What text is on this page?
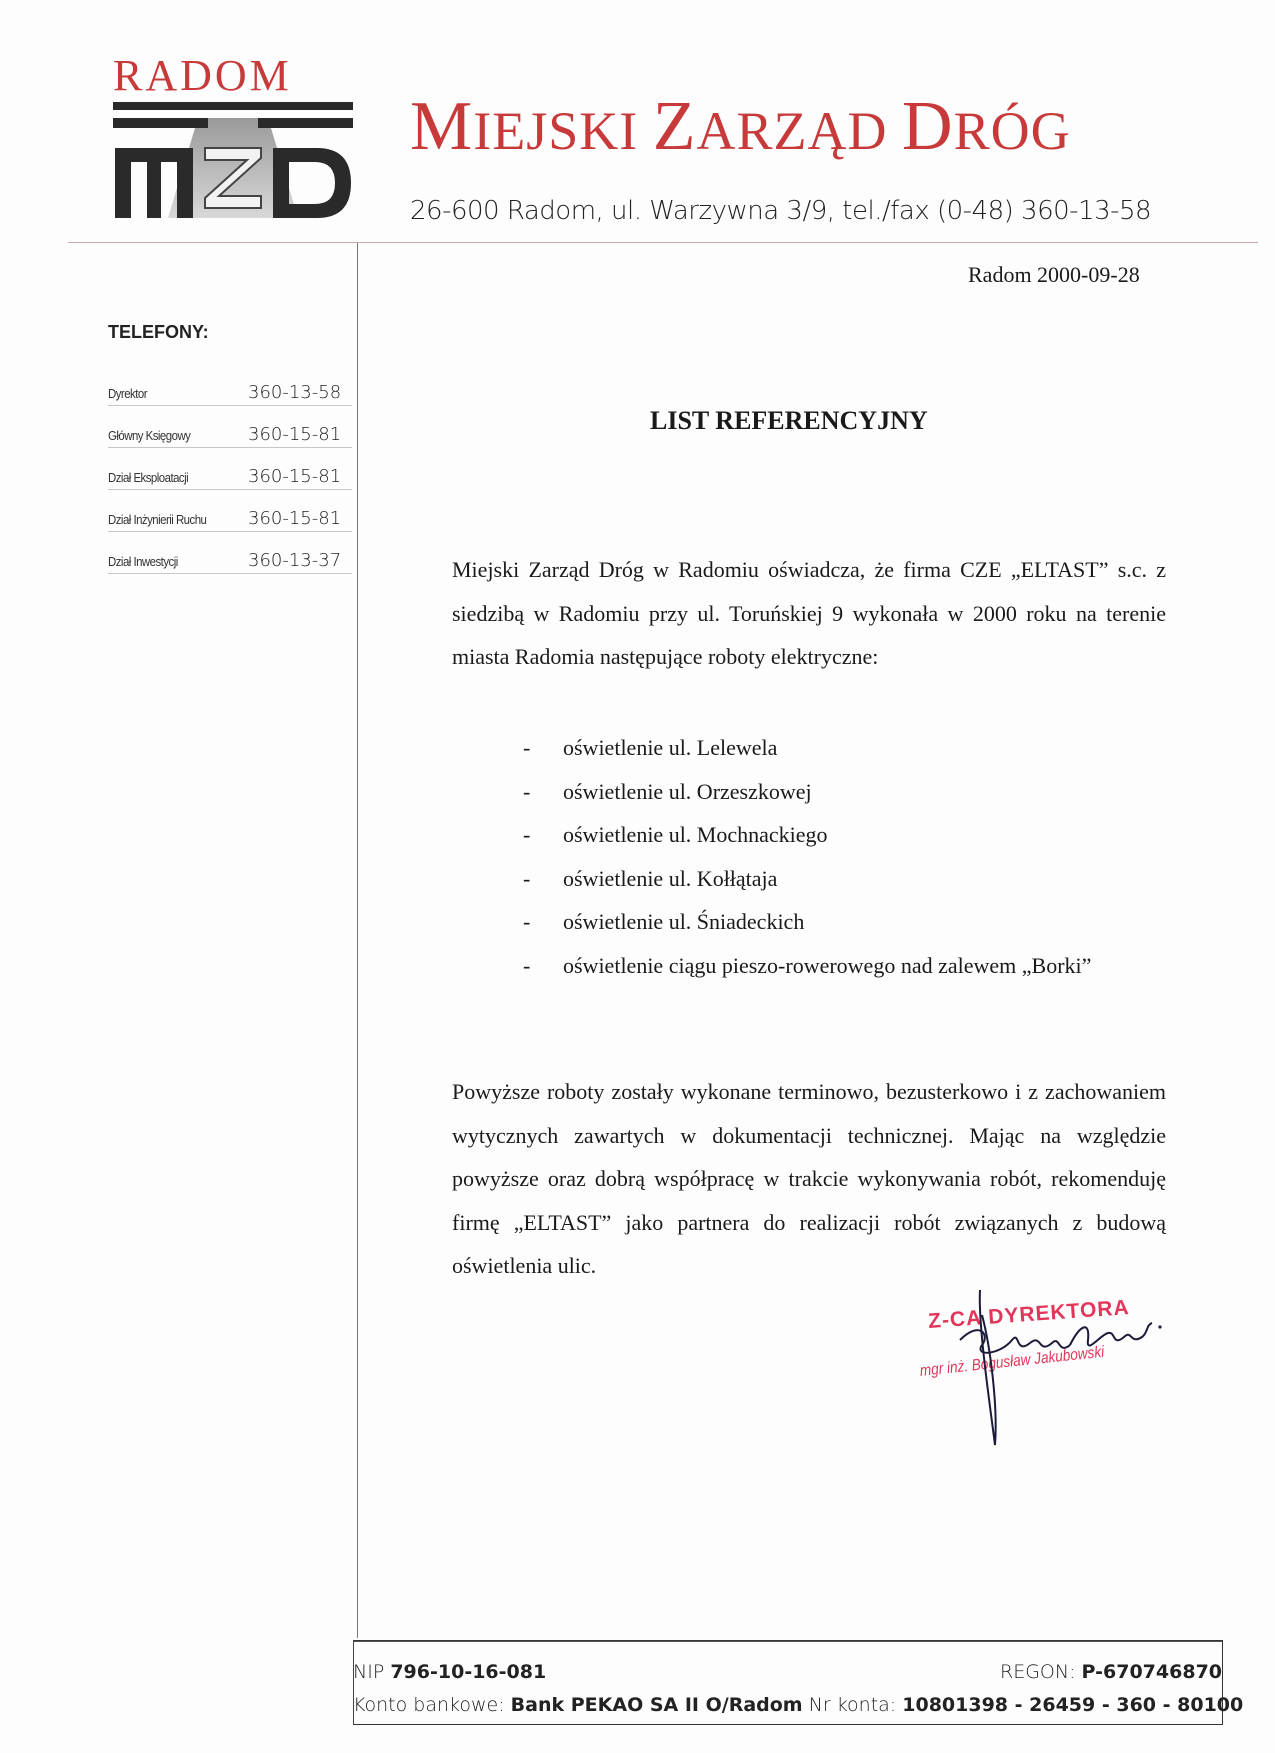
RADOM
MIEJSKI ZARZĄD DRÓG
26-600 Radom, ul. Warzywna 3/9, tel./fax (0-48) 360-13-58
TELEFONY:
Dyrektor	360-13-58
Główny Księgowy	360-15-81
Dział Eksploatacji	360-15-81
Dział Inżynierii Ruchu 360-15-81
Dział Inwestycji	360-13-37
Radom 2000-09-28
LIST REFERENCYJNY
Miejski Zarząd Dróg w Radomiu oświadcza, że firma CZE „ELTAST” s.c. z siedzibą w Radomiu przy ul. Toruńskiej 9 wykonała w 2000 roku na terenie miasta Radomia następujące roboty elektryczne:
- oświetlenie ul. Lelewela
- oświetlenie ul. Orzeszkowej
- oświetlenie ul. Mochnackiego
- oświetlenie ul. Kołłątaja
- oświetlenie ul. Śniadeckich
- oświetlenie ciągu pieszo-rowerowego nad zalewem „Borki”
Powyższe roboty zostały wykonane terminowo, bezusterkowo i z zachowaniem wytycznych zawartych w dokumentacji technicznej. Mając na względzie powyższe oraz dobrą współpracę w trakcie wykonywania robót, rekomenduję firmę „ELTAST” jako partnera do realizacji robót związanych z budową oświetlenia ulic.
Z-CA DYREKTORA
mgr inż. Bogusław Jakubowski
NIP 796-10-16-081	REGON: P-670746870
Konto bankowe: Bank PEKAO SA II O/Radom Nr konta: 10801398 - 26459 - 360 - 80100
